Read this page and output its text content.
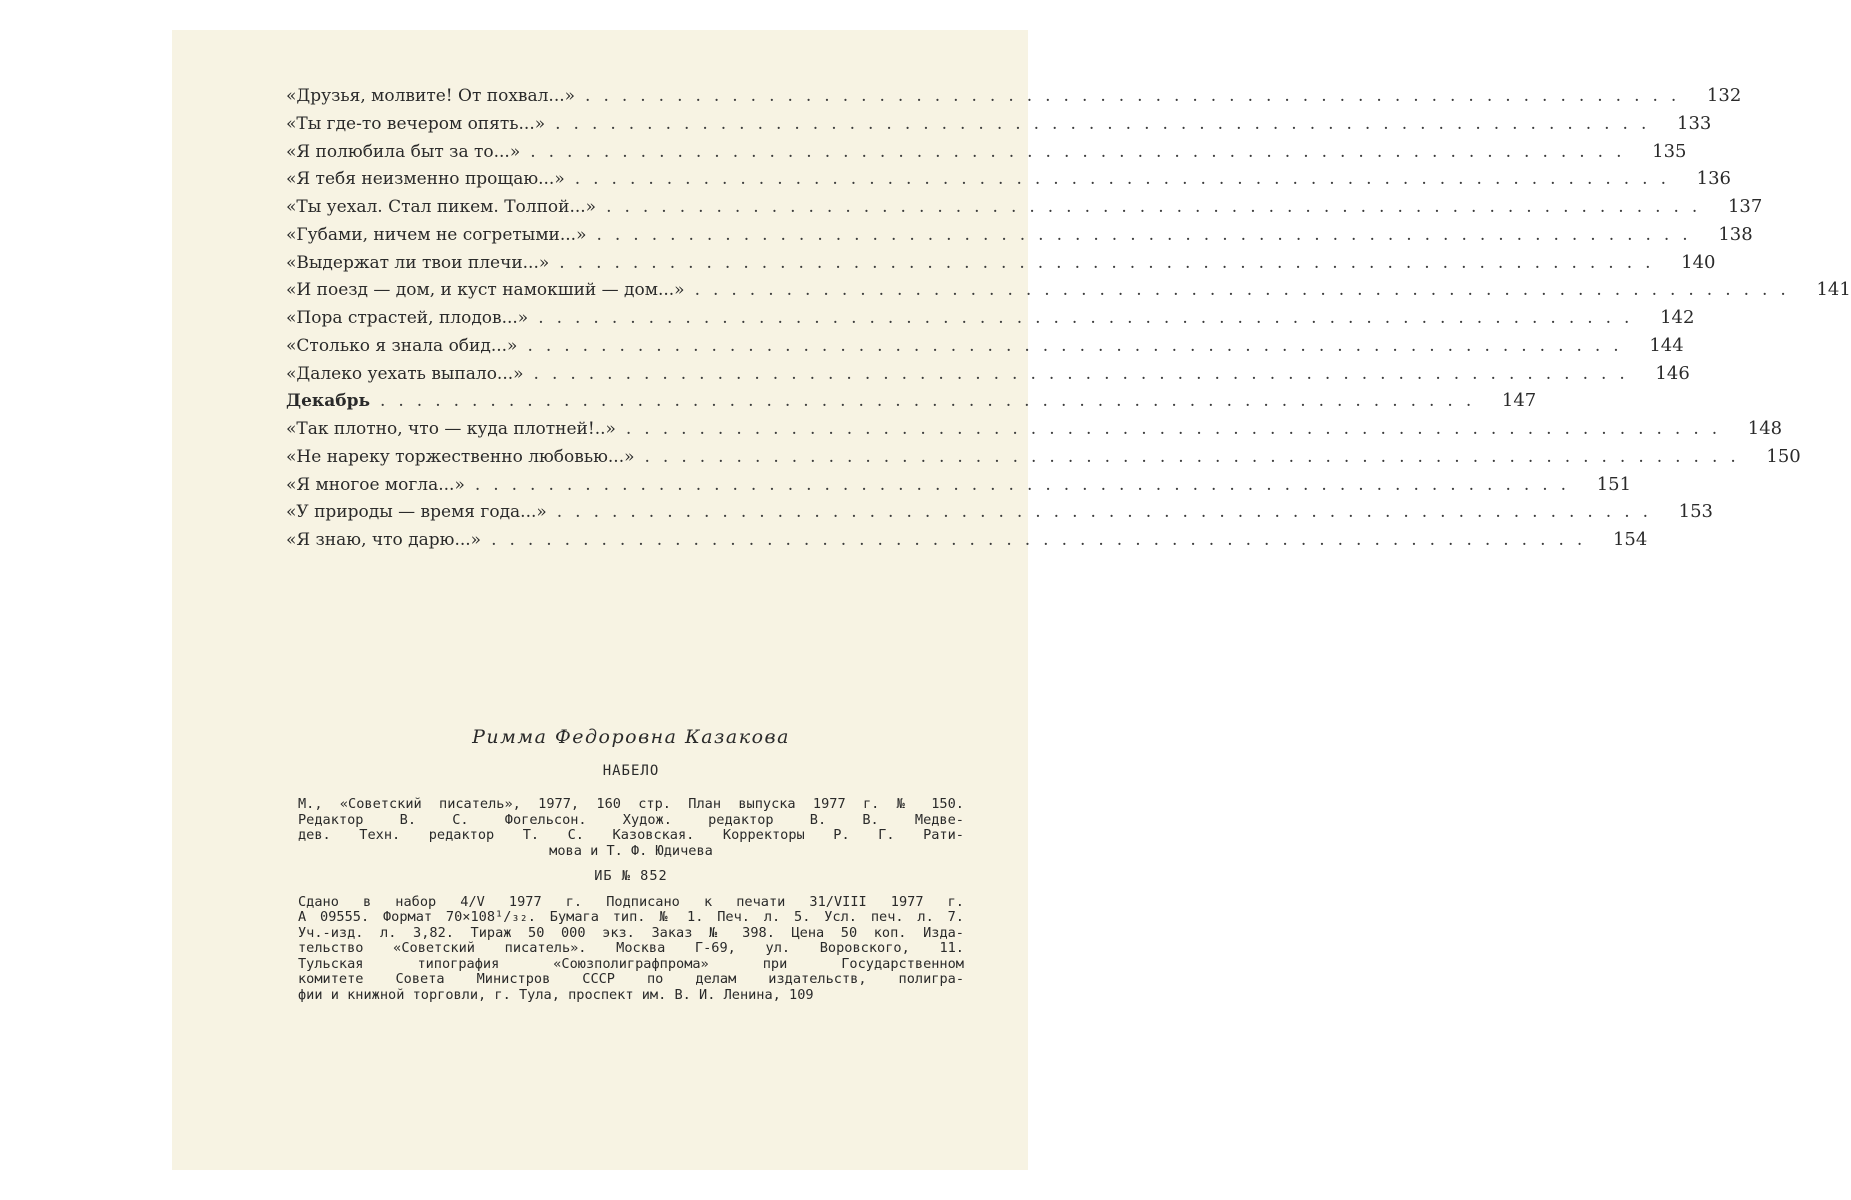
«Друзья, молвите! От похвал...» ............................................................ 132
«Ты где-то вечером опять...» ............................................................ 133
«Я полюбила быт за то...» ............................................................ 135
«Я тебя неизменно прощаю...» ............................................................ 136
«Ты уехал. Стал пикем. Толпой...» ............................................................ 137
«Губами, ничем не согретыми...» ............................................................ 138
«Выдержат ли твои плечи...» ............................................................ 140
«И поезд — дом, и куст намокший — дом...» ............................................................ 141
«Пора страстей, плодов...» ............................................................ 142
«Столько я знала обид...» ............................................................ 144
«Далеко уехать выпало...» ............................................................ 146
Декабрь ............................................................ 147
«Так плотно, что — куда плотней!..» ............................................................ 148
«Не нареку торжественно любовью...» ............................................................ 150
«Я многое могла...» ............................................................ 151
«У природы — время года...» ............................................................ 153
«Я знаю, что дарю...» ............................................................ 154
Римма Федоровна Казакова
НАБЕЛО
М., «Советский писатель», 1977, 160 стр. План выпуска 1977 г. № 150.
Редактор В. С. Фогельсон. Худож. редактор В. В. Медве-
дев. Техн. редактор Т. С. Казовская. Корректоры Р. Г. Рати-
мова и Т. Ф. Юдичева
ИБ № 852
Сдано в набор 4/V 1977 г. Подписано к печати 31/VIII 1977 г.
А 09555. Формат 70×108¹/₃₂. Бумага тип. № 1. Печ. л. 5. Усл. печ. л. 7.
Уч.-изд. л. 3,82. Тираж 50 000 экз. Заказ № 398. Цена 50 коп. Изда-
тельство «Советский писатель». Москва Г-69, ул. Воровского, 11.
Тульская типография «Союзполиграфпрома» при Государственном
комитете Совета Министров СССР по делам издательств, полигра-
фии и книжной торговли, г. Тула, проспект им. В. И. Ленина, 109
